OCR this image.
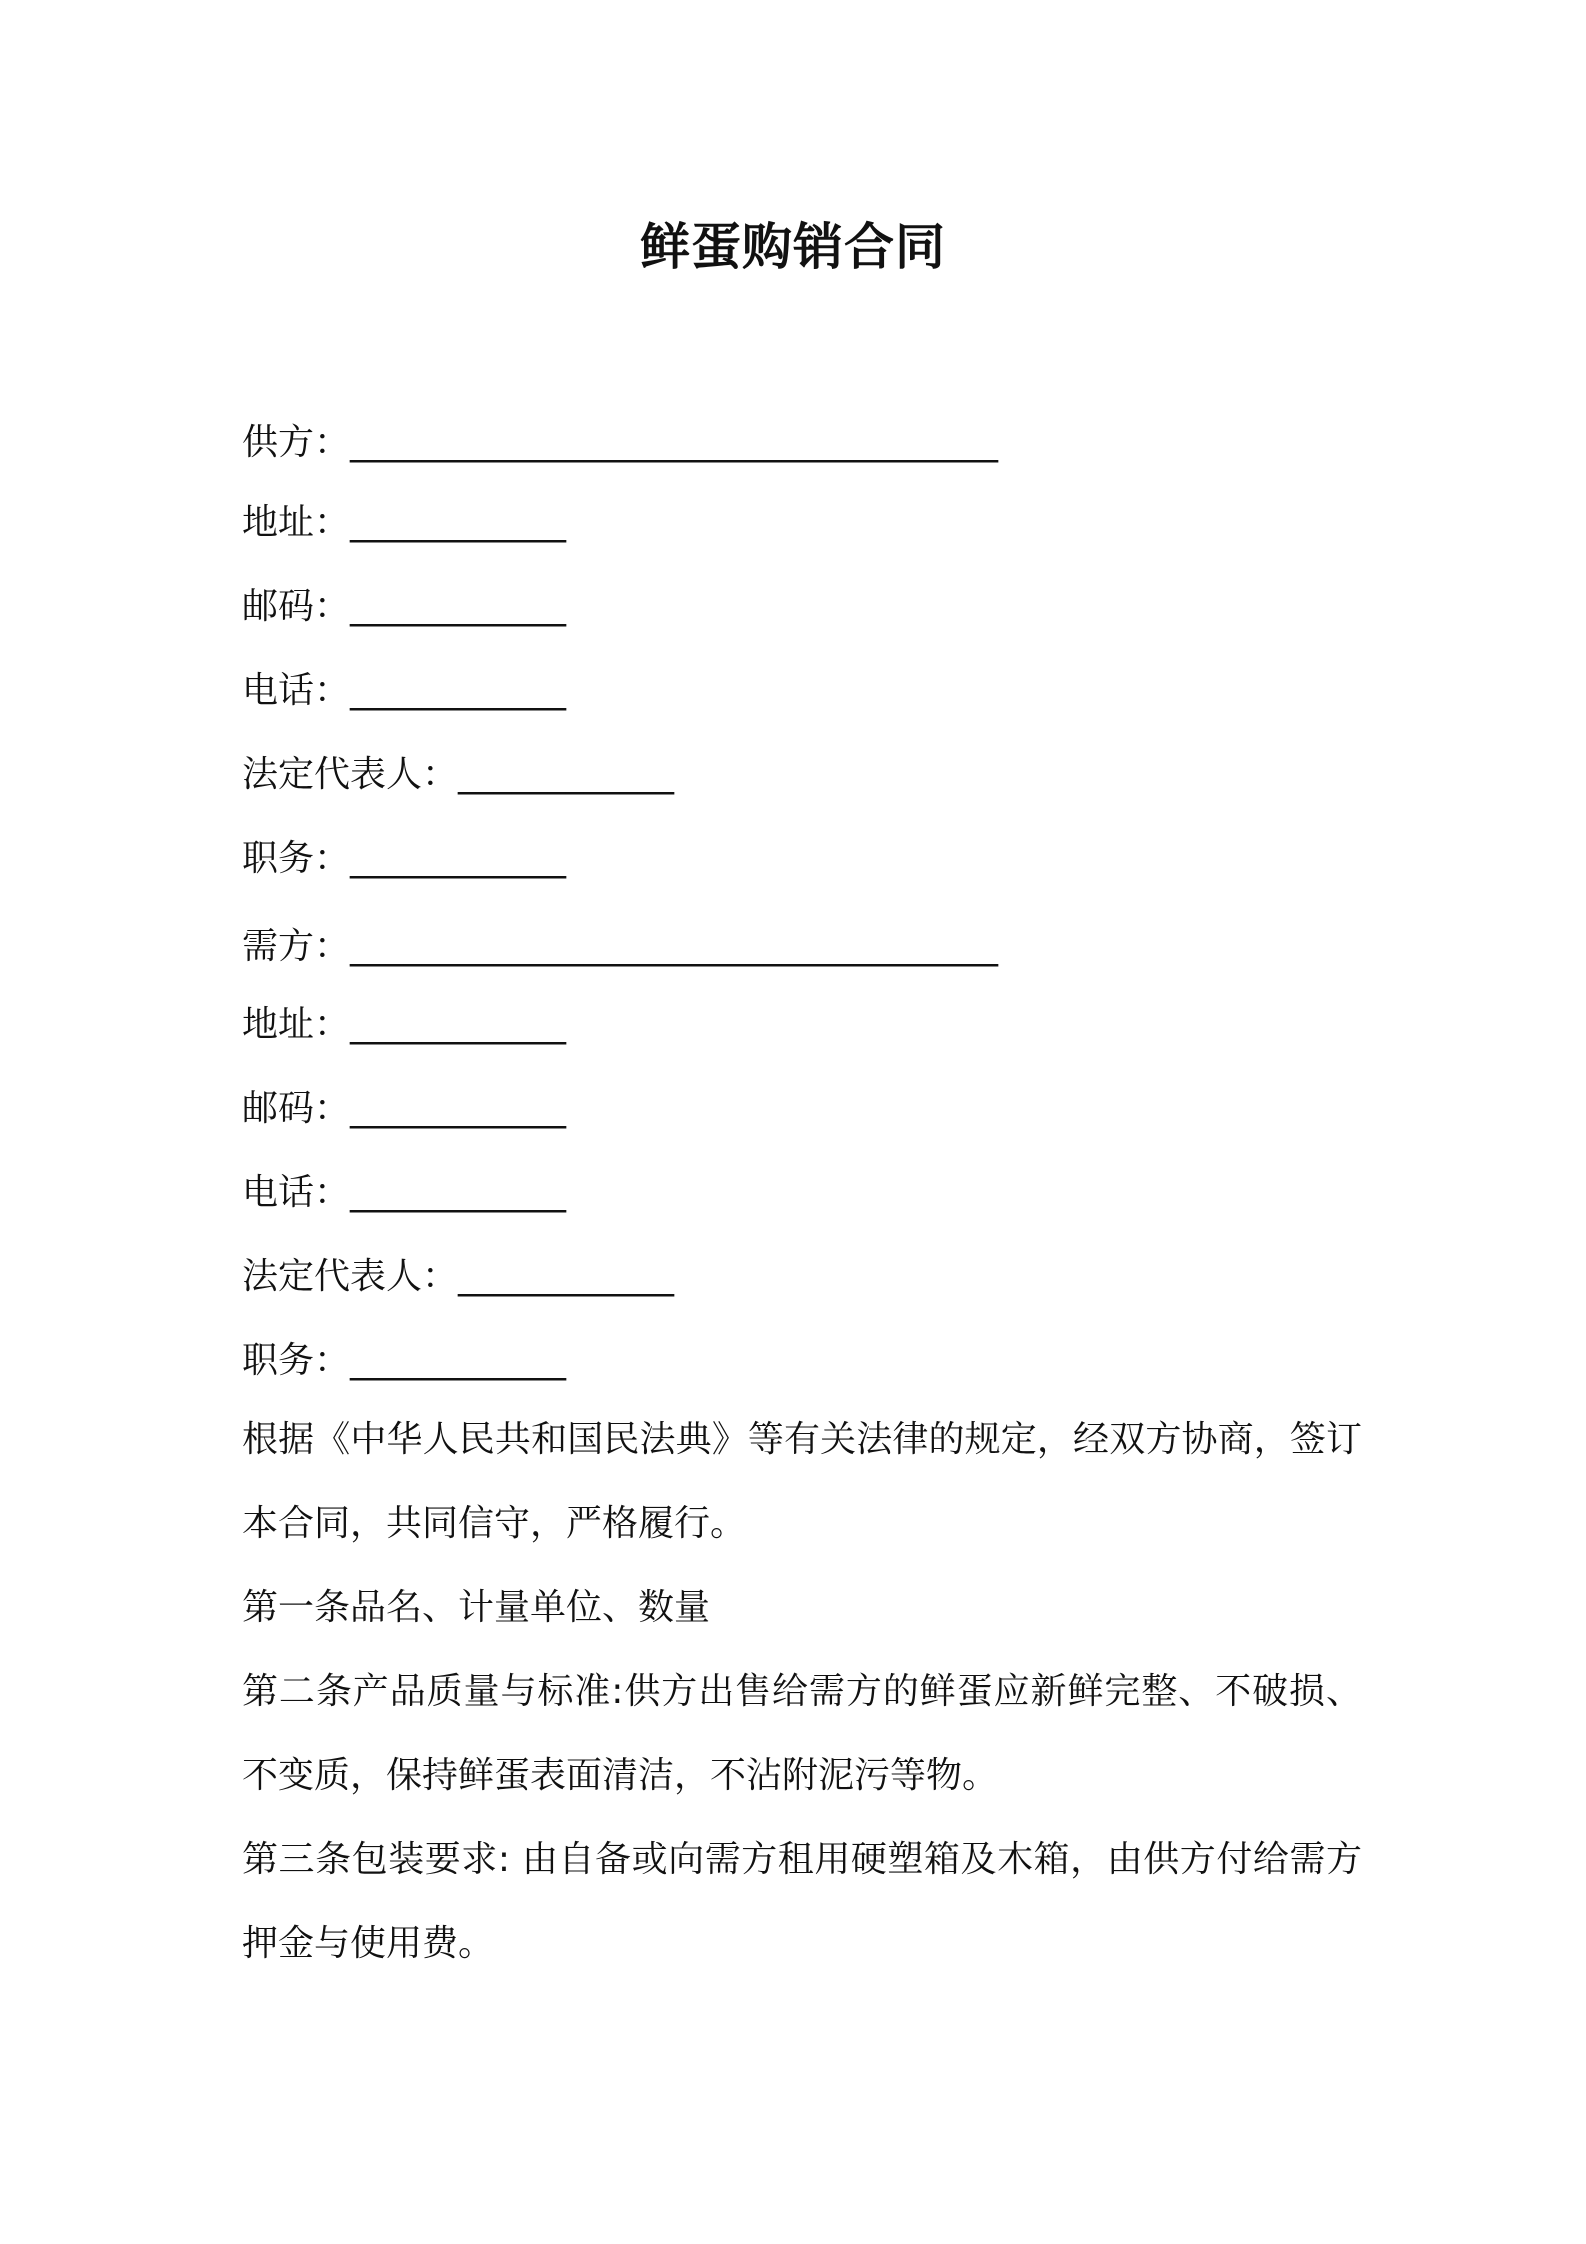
鲜蛋购销合同
供方：____________________________________
地址：____________
邮码：____________
电话：____________
法定代表人：____________
职务：____________
需方：____________________________________
地址：____________
邮码：____________
电话：____________
法定代表人：____________
职务：____________
根据《中华人民共和国民法典》等有关法律的规定，经双方协商，签订本合同，共同信守，严格履行。
第一条品名、计量单位、数量
第二条产品质量与标准:供方出售给需方的鲜蛋应新鲜完整、不破损、不变质，保持鲜蛋表面清洁，不沾附泥污等物。
第三条包装要求: 由自备或向需方租用硬塑箱及木箱，由供方付给需方押金与使用费。
